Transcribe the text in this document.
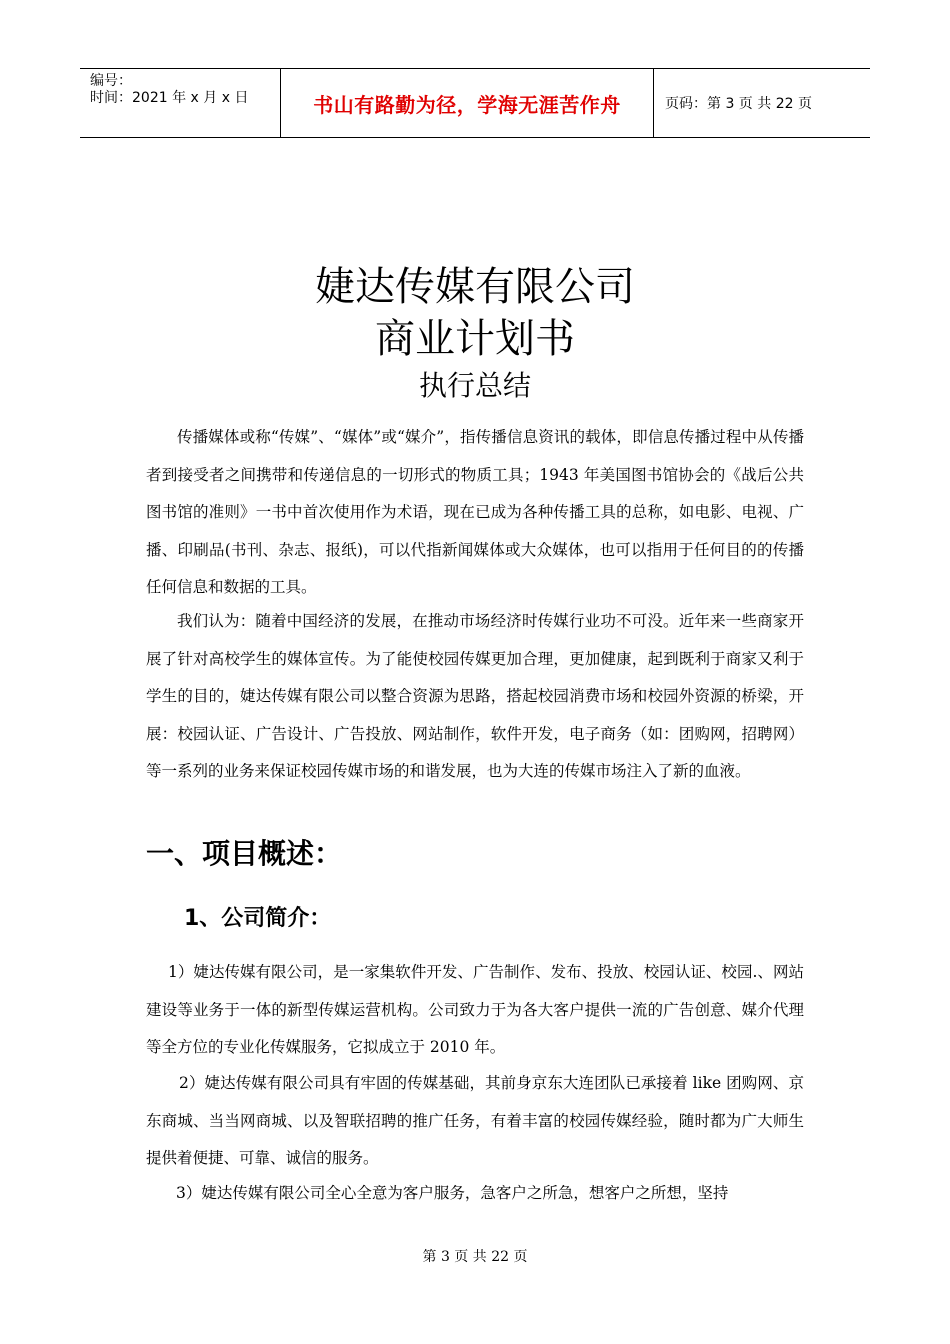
编号：
时间：2021 年 x 月 x 日	书山有路勤为径，学海无涯苦作舟	页码：第 3 页 共 22 页
婕达传媒有限公司
商业计划书
执行总结
传播媒体或称“传媒”、“媒体”或“媒介”，指传播信息资讯的载体，即信息传播过程中从传播者到接受者之间携带和传递信息的一切形式的物质工具；1943 年美国图书馆协会的《战后公共图书馆的准则》一书中首次使用作为术语，现在已成为各种传播工具的总称，如电影、电视、广播、印刷品(书刊、杂志、报纸)，可以代指新闻媒体或大众媒体，也可以指用于任何目的的传播任何信息和数据的工具。
我们认为：随着中国经济的发展，在推动市场经济时传媒行业功不可没。近年来一些商家开展了针对高校学生的媒体宣传。为了能使校园传媒更加合理，更加健康，起到既利于商家又利于学生的目的，婕达传媒有限公司以整合资源为思路，搭起校园消费市场和校园外资源的桥梁，开展：校园认证、广告设计、广告投放、网站制作，软件开发，电子商务（如：团购网，招聘网）等一系列的业务来保证校园传媒市场的和谐发展，也为大连的传媒市场注入了新的血液。
一、项目概述：
1、公司简介：
1）婕达传媒有限公司，是一家集软件开发、广告制作、发布、投放、校园认证、校园.、网站建设等业务于一体的新型传媒运营机构。公司致力于为各大客户提供一流的广告创意、媒介代理等全方位的专业化传媒服务，它拟成立于 2010 年。
2）婕达传媒有限公司具有牢固的传媒基础，其前身京东大连团队已承接着 like 团购网、京东商城、当当网商城、以及智联招聘的推广任务，有着丰富的校园传媒经验，随时都为广大师生提供着便捷、可靠、诚信的服务。
3）婕达传媒有限公司全心全意为客户服务，急客户之所急，想客户之所想，坚持
第 3 页 共 22 页
